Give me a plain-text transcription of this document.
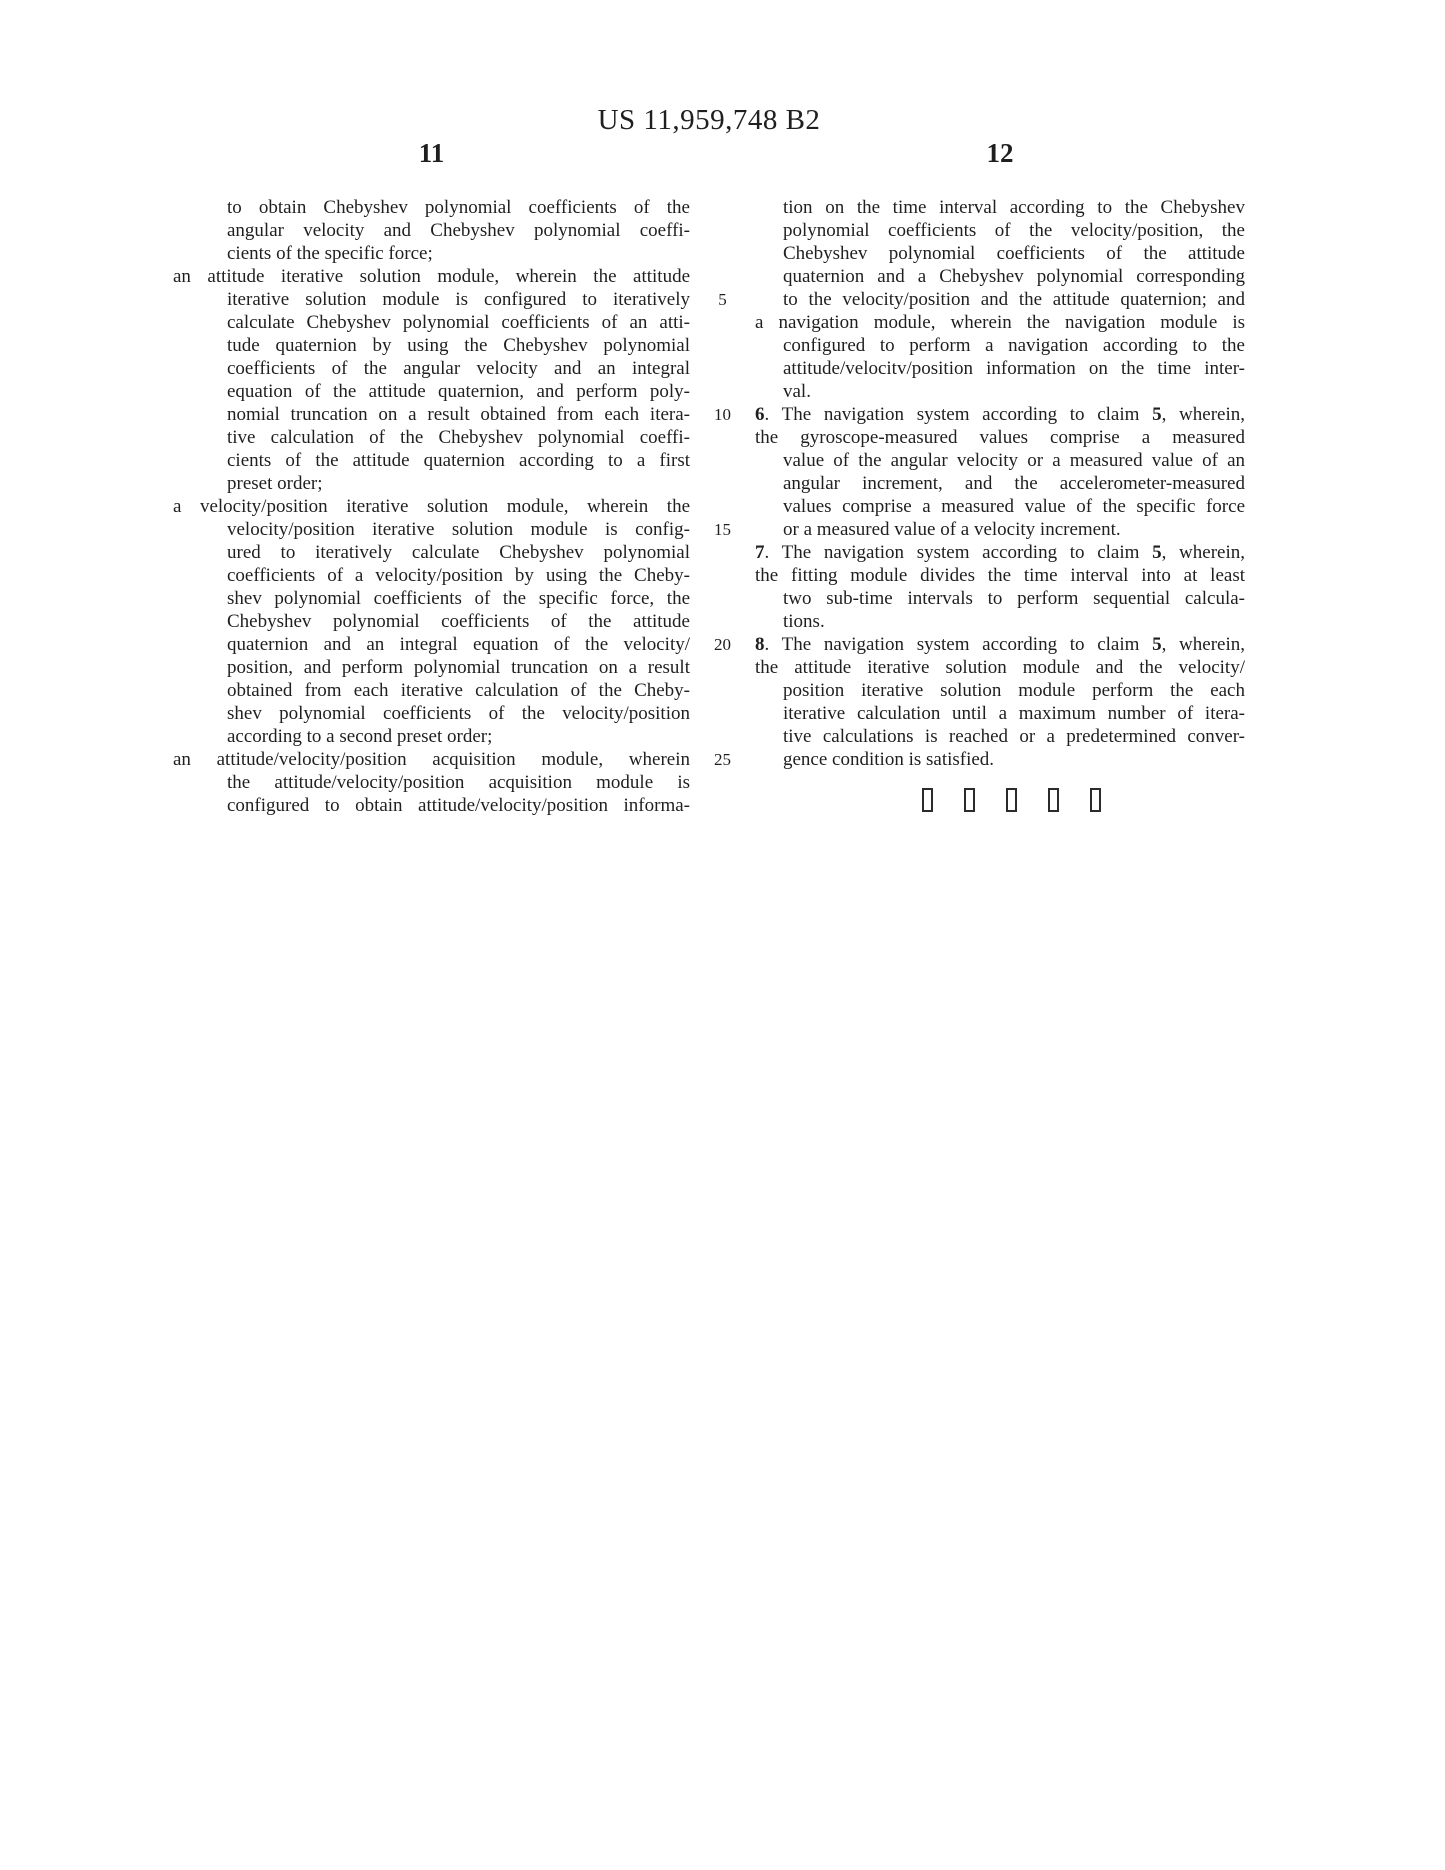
US 11,959,748 B2
11	12
to obtain Chebyshev polynomial coefficients of the
angular velocity and Chebyshev polynomial coeffi-
cients of the specific force;
an attitude iterative solution module, wherein the attitude
iterative solution module is configured to iteratively
calculate Chebyshev polynomial coefficients of an atti-
tude quaternion by using the Chebyshev polynomial
coefficients of the angular velocity and an integral
equation of the attitude quaternion, and perform poly-
nomial truncation on a result obtained from each itera-
tive calculation of the Chebyshev polynomial coeffi-
cients of the attitude quaternion according to a first
preset order;
a velocity/position iterative solution module, wherein the
velocity/position iterative solution module is config-
ured to iteratively calculate Chebyshev polynomial
coefficients of a velocity/position by using the Cheby-
shev polynomial coefficients of the specific force, the
Chebyshev polynomial coefficients of the attitude
quaternion and an integral equation of the velocity/
position, and perform polynomial truncation on a result
obtained from each iterative calculation of the Cheby-
shev polynomial coefficients of the velocity/position
according to a second preset order;
an attitude/velocity/position acquisition module, wherein
the attitude/velocity/position acquisition module is
configured to obtain attitude/velocity/position informa-
5
10
15
20
25
tion on the time interval according to the Chebyshev
polynomial coefficients of the velocity/position, the
Chebyshev polynomial coefficients of the attitude
quaternion and a Chebyshev polynomial corresponding
to the velocity/position and the attitude quaternion; and
a navigation module, wherein the navigation module is
configured to perform a navigation according to the
attitude/velocitv/position information on the time inter-
val.
6. The navigation system according to claim 5, wherein,
the gyroscope-measured values comprise a measured
value of the angular velocity or a measured value of an
angular increment, and the accelerometer-measured
values comprise a measured value of the specific force
or a measured value of a velocity increment.
7. The navigation system according to claim 5, wherein,
the fitting module divides the time interval into at least
two sub-time intervals to perform sequential calcula-
tions.
8. The navigation system according to claim 5, wherein,
the attitude iterative solution module and the velocity/
position iterative solution module perform the each
iterative calculation until a maximum number of itera-
tive calculations is reached or a predetermined conver-
gence condition is satisfied.
